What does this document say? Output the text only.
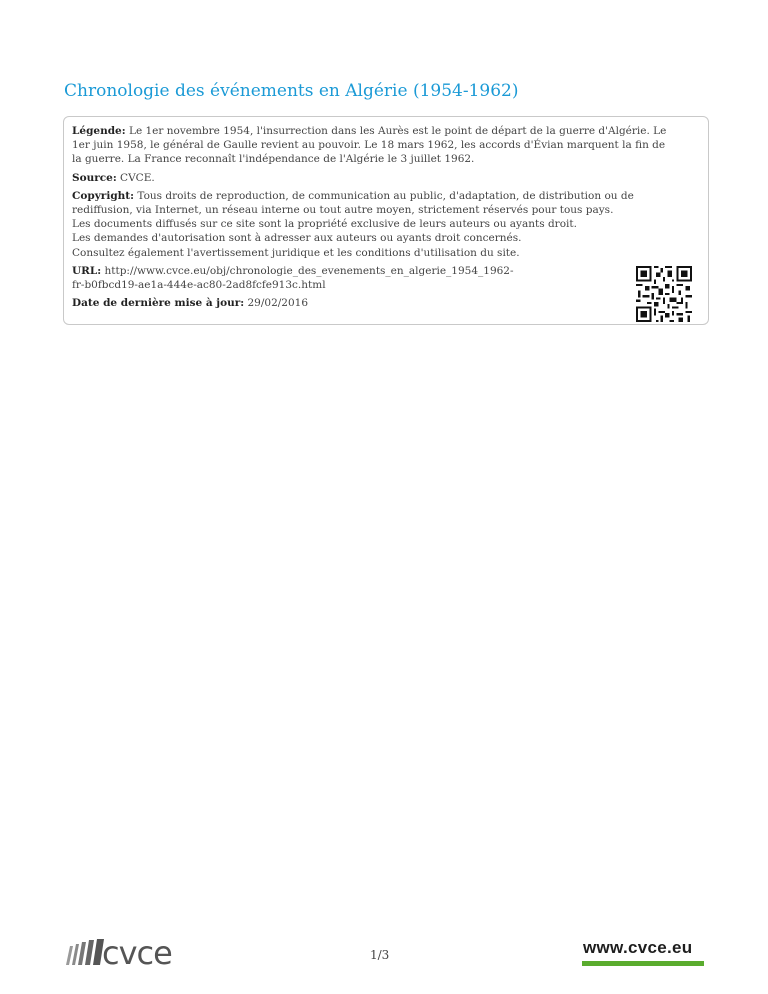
Chronologie des événements en Algérie (1954-1962)
Légende: Le 1er novembre 1954, l'insurrection dans les Aurès est le point de départ de la guerre d'Algérie. Le
1er juin 1958, le général de Gaulle revient au pouvoir. Le 18 mars 1962, les accords d'Évian marquent la fin de
la guerre. La France reconnaît l'indépendance de l'Algérie le 3 juillet 1962.
Source: CVCE.
Copyright: Tous droits de reproduction, de communication au public, d'adaptation, de distribution ou de
rediffusion, via Internet, un réseau interne ou tout autre moyen, strictement réservés pour tous pays.
Les documents diffusés sur ce site sont la propriété exclusive de leurs auteurs ou ayants droit.
Les demandes d'autorisation sont à adresser aux auteurs ou ayants droit concernés.
Consultez également l'avertissement juridique et les conditions d'utilisation du site.
URL: http://www.cvce.eu/obj/chronologie_des_evenements_en_algerie_1954_1962-
fr-b0fbcd19-ae1a-444e-ac80-2ad8fcfe913c.html
Date de dernière mise à jour: 29/02/2016
cvce	1/3	www.cvce.eu
